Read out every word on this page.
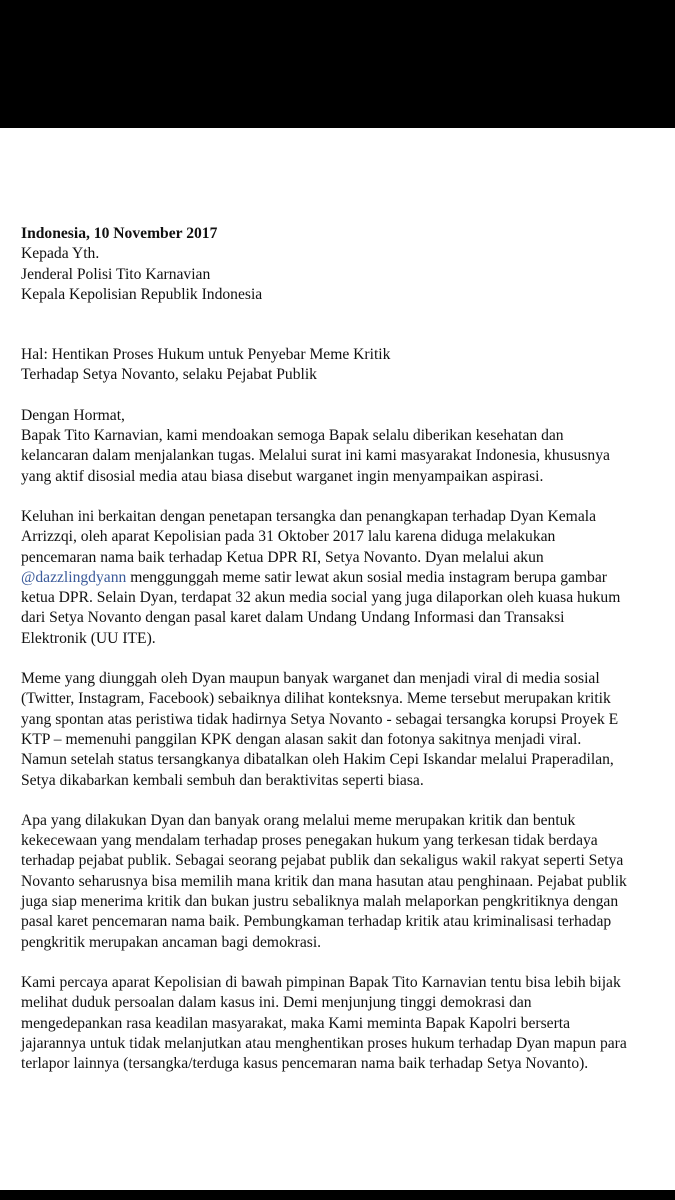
Indonesia, 10 November 2017

Kepada Yth.
Jenderal Polisi Tito Karnavian
Kepala Kepolisian Republik Indonesia
Hal: Hentikan Proses Hukum untuk Penyebar Meme Kritik
Terhadap Setya Novanto, selaku Pejabat Publik
Dengan Hormat,
Bapak Tito Karnavian, kami mendoakan semoga Bapak selalu diberikan kesehatan dan
kelancaran dalam menjalankan tugas. Melalui surat ini kami masyarakat Indonesia, khususnya
yang aktif disosial media atau biasa disebut warganet ingin menyampaikan aspirasi.
Keluhan ini berkaitan dengan penetapan tersangka dan penangkapan terhadap Dyan Kemala
Arrizzqi, oleh aparat Kepolisian pada 31 Oktober 2017 lalu karena diduga melakukan
pencemaran nama baik terhadap Ketua DPR RI, Setya Novanto. Dyan melalui akun
@dazzlingdyann menggunggah meme satir lewat akun sosial media instagram berupa gambar
ketua DPR. Selain Dyan, terdapat 32 akun media social yang juga dilaporkan oleh kuasa hukum
dari Setya Novanto dengan pasal karet dalam Undang Undang Informasi dan Transaksi
Elektronik (UU ITE).
Meme yang diunggah oleh Dyan maupun banyak warganet dan menjadi viral di media sosial
(Twitter, Instagram, Facebook) sebaiknya dilihat konteksnya. Meme tersebut merupakan kritik
yang spontan atas peristiwa tidak hadirnya Setya Novanto - sebagai tersangka korupsi Proyek E
KTP – memenuhi panggilan KPK dengan alasan sakit dan fotonya sakitnya menjadi viral.
Namun setelah status tersangkanya dibatalkan oleh Hakim Cepi Iskandar melalui Praperadilan,
Setya dikabarkan kembali sembuh dan beraktivitas seperti biasa.
Apa yang dilakukan Dyan dan banyak orang melalui meme merupakan kritik dan bentuk
kekecewaan yang mendalam terhadap proses penegakan hukum yang terkesan tidak berdaya
terhadap pejabat publik. Sebagai seorang pejabat publik dan sekaligus wakil rakyat seperti Setya
Novanto seharusnya bisa memilih mana kritik dan mana hasutan atau penghinaan. Pejabat publik
juga siap menerima kritik dan bukan justru sebaliknya malah melaporkan pengkritiknya dengan
pasal karet pencemaran nama baik. Pembungkaman terhadap kritik atau kriminalisasi terhadap
pengkritik merupakan ancaman bagi demokrasi.
Kami percaya aparat Kepolisian di bawah pimpinan Bapak Tito Karnavian tentu bisa lebih bijak
melihat duduk persoalan dalam kasus ini. Demi menjunjung tinggi demokrasi dan
mengedepankan rasa keadilan masyarakat, maka Kami meminta Bapak Kapolri berserta
jajarannya untuk tidak melanjutkan atau menghentikan proses hukum terhadap Dyan mapun para
terlapor lainnya (tersangka/terduga kasus pencemaran nama baik terhadap Setya Novanto).
